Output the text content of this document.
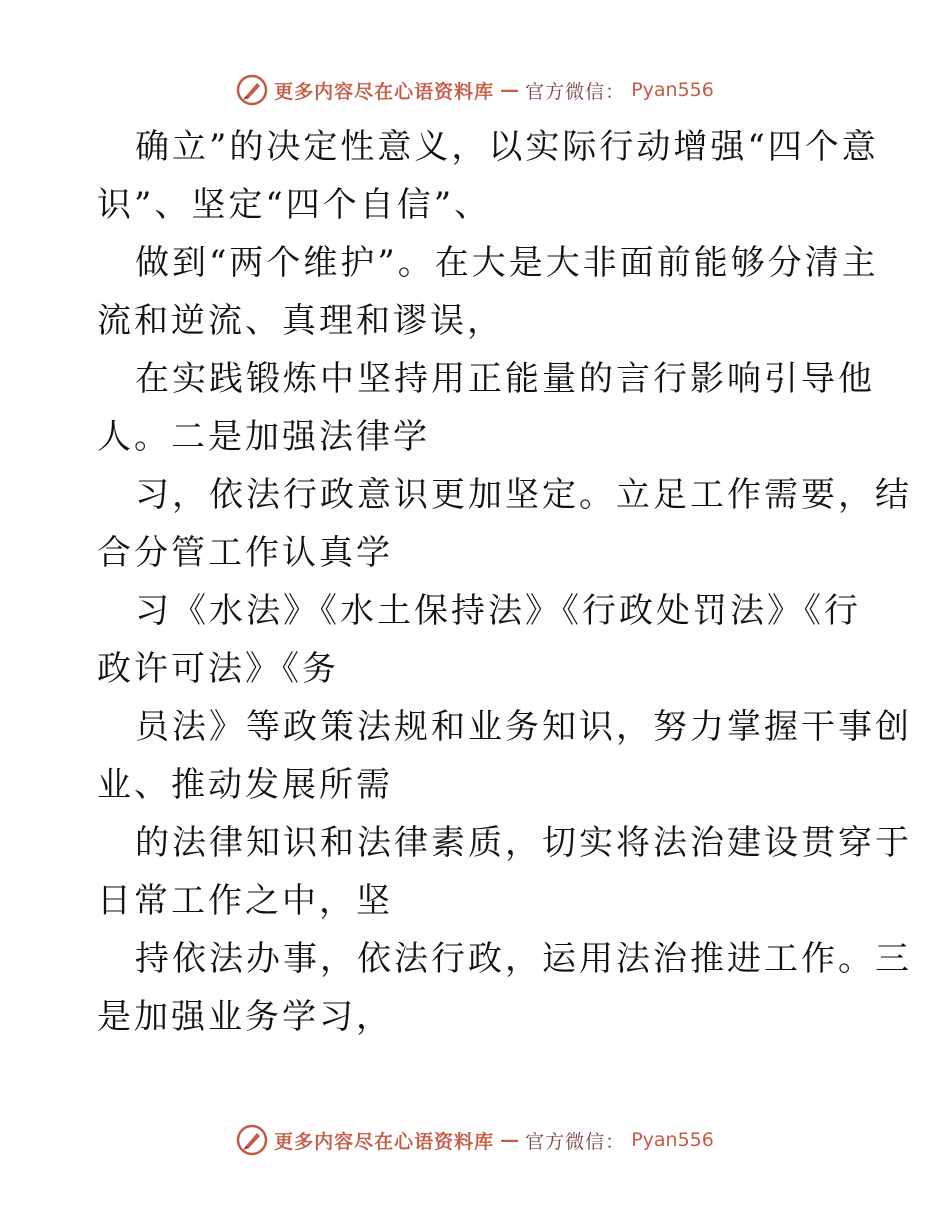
更多内容尽在心语资料库 — 官方微信： Pyan556
确立”的决定性意义，以实际行动增强“四个意
识”、坚定“四个自信”、
做到“两个维护”。在大是大非面前能够分清主
流和逆流、真理和谬误，
在实践锻炼中坚持用正能量的言行影响引导他
人。二是加强法律学
习，依法行政意识更加坚定。立足工作需要，结
合分管工作认真学
习《水法》《水土保持法》《行政处罚法》《行
政许可法》《务
员法》等政策法规和业务知识，努力掌握干事创
业、推动发展所需
的法律知识和法律素质，切实将法治建设贯穿于
日常工作之中，坚
持依法办事，依法行政，运用法治推进工作。三
是加强业务学习，
更多内容尽在心语资料库 — 官方微信： Pyan556
